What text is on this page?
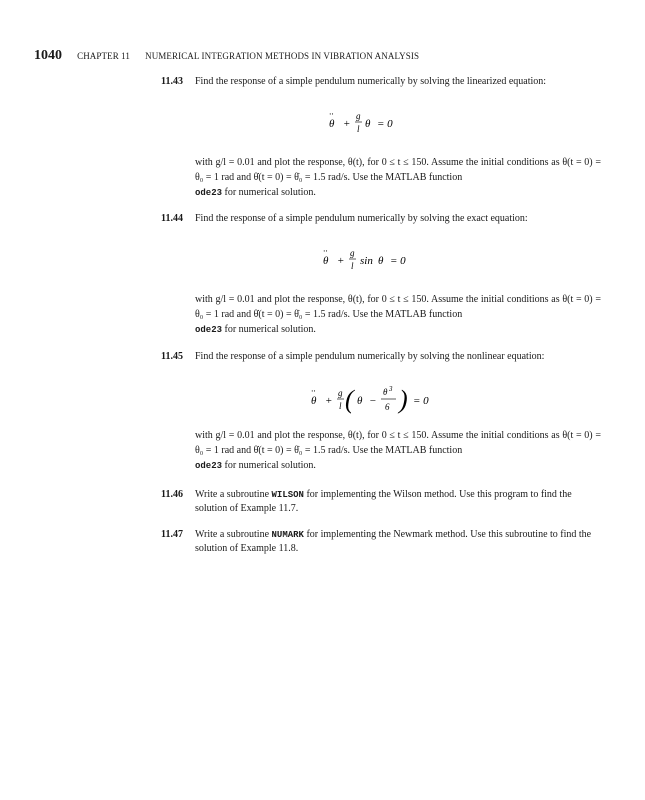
1040 CHAPTER 11 NUMERICAL INTEGRATION METHODS IN VIBRATION ANALYSIS
11.43 Find the response of a simple pendulum numerically by solving the linearized equation:
θ
··
+
g
l θ = 0
with g/l = 0.01 and plot the response, θ(t), for 0 ≤ t ≤ 150. Assume the initial conditions as θ(t = 0) = θ₀ = 1 rad and θ̇(t = 0) = θ̇₀ = 1.5 rad/s. Use the MATLAB function
ode23 for numerical solution.
11.44 Find the response of a simple pendulum numerically by solving the exact equation:
θ
··
+
g
l sin θ = 0
with g/l = 0.01 and plot the response, θ(t), for 0 ≤ t ≤ 150. Assume the initial conditions as θ(t = 0) = θ₀ = 1 rad and θ̇(t = 0) = θ̇₀ = 1.5 rad/s. Use the MATLAB function
ode23 for numerical solution.
11.45 Find the response of a simple pendulum numerically by solving the nonlinear equation:
θ
··
+
g
l ( θ −
θ 3
6 ) = 0
with g/l = 0.01 and plot the response, θ(t), for 0 ≤ t ≤ 150. Assume the initial conditions as θ(t = 0) = θ₀ = 1 rad and θ̇(t = 0) = θ̇₀ = 1.5 rad/s. Use the MATLAB function
ode23 for numerical solution.
11.46 Write a subroutine WILSON for implementing the Wilson method. Use this program to find the solution of Example 11.7.
11.47 Write a subroutine NUMARK for implementing the Newmark method. Use this subroutine to find the solution of Example 11.8.
